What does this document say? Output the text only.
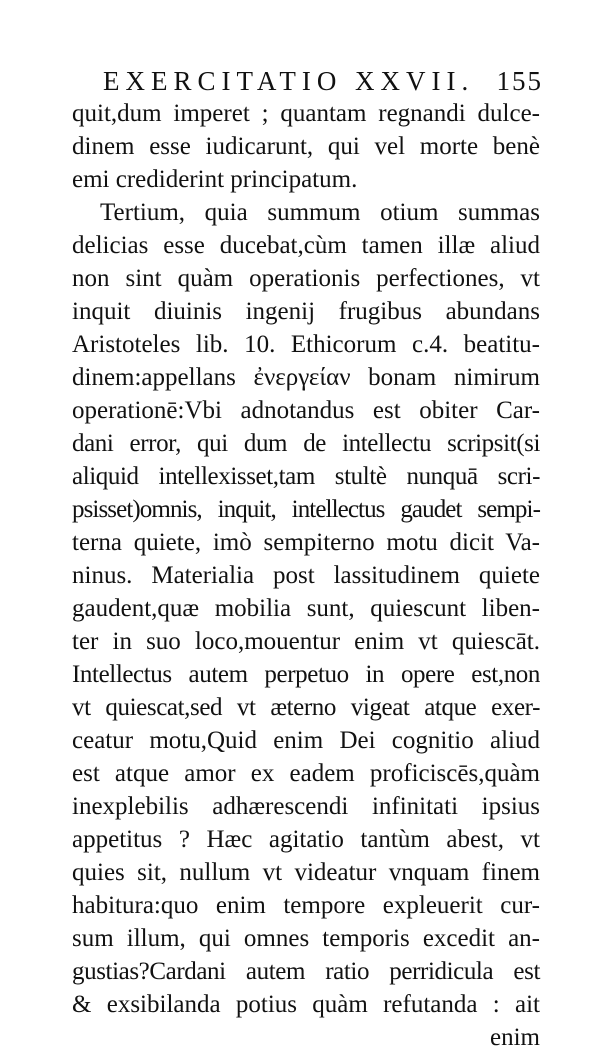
EXERCITATIO XXVII. 155
quit,dum imperet ; quantam regnandi dulce-
dinem esse iudicarunt, qui vel morte benè
emi crediderint principatum.
Tertium, quia summum otium summas
delicias esse ducebat,cùm tamen illæ aliud
non sint quàm operationis perfectiones, vt
inquit diuinis ingenij frugibus abundans
Aristoteles lib. 10. Ethicorum c.4. beatitu-
dinem:appellans ἐνεργείαν bonam nimirum
operationē:Vbi adnotandus est obiter Car-
dani error, qui dum de intellectu scripsit(si
aliquid intellexisset,tam stultè nunquā scri-
psisset)omnis, inquit, intellectus gaudet sempi-
terna quiete, imò sempiterno motu dicit Va-
ninus. Materialia post lassitudinem quiete
gaudent,quæ mobilia sunt, quiescunt liben-
ter in suo loco,mouentur enim vt quiescāt.
Intellectus autem perpetuo in opere est,non
vt quiescat,sed vt æterno vigeat atque exer-
ceatur motu,Quid enim Dei cognitio aliud
est atque amor ex eadem proficiscēs,quàm
inexplebilis adhærescendi infinitati ipsius
appetitus ? Hæc agitatio tantùm abest, vt
quies sit, nullum vt videatur vnquam finem
habitura:quo enim tempore expleuerit cur-
sum illum, qui omnes temporis excedit an-
gustias?Cardani autem ratio perridicula est
& exsibilanda potius quàm refutanda : ait
enim
